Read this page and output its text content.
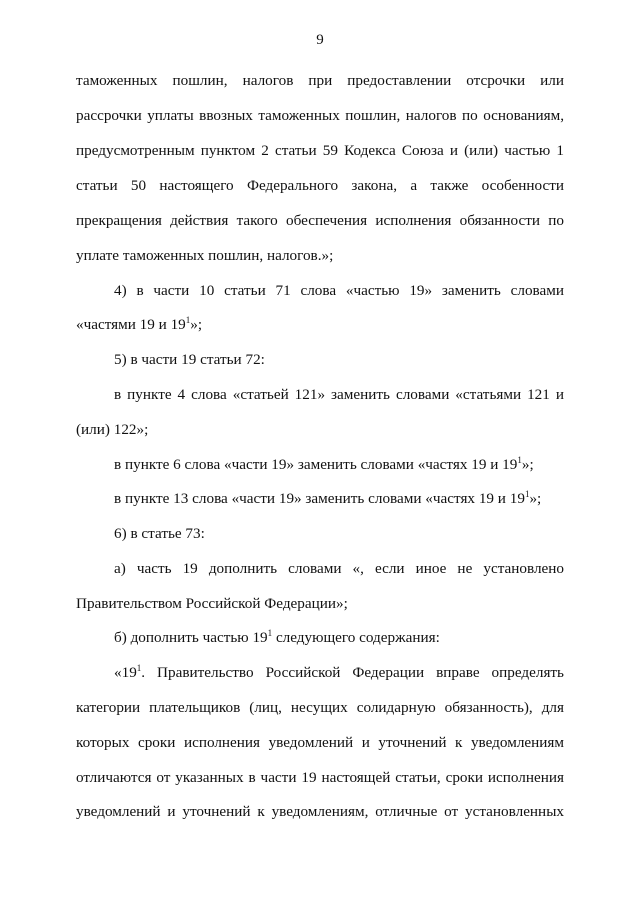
9
таможенных пошлин, налогов при предоставлении отсрочки или
рассрочки уплаты ввозных таможенных пошлин, налогов по основаниям,
предусмотренным пунктом 2 статьи 59 Кодекса Союза и (или) частью 1
статьи 50 настоящего Федерального закона, а также особенности
прекращения действия такого обеспечения исполнения обязанности по
уплате таможенных пошлин, налогов.»;
4) в части 10 статьи 71 слова «частью 19» заменить словами
«частями 19 и $19^1$»;
5) в части 19 статьи 72:
в пункте 4 слова «статьей 121» заменить словами «статьями 121 и
(или) 122»;
в пункте 6 слова «части 19» заменить словами «частях 19 и $19^1$»;
в пункте 13 слова «части 19» заменить словами «частях 19 и $19^1$»;
6) в статье 73:
а) часть 19 дополнить словами «, если иное не установлено
Правительством Российской Федерации»;
б) дополнить частью $19^1$ следующего содержания:
«$19^1$. Правительство Российской Федерации вправе определять
категории плательщиков (лиц, несущих солидарную обязанность), для
которых сроки исполнения уведомлений и уточнений к уведомлениям
отличаются от указанных в части 19 настоящей статьи, сроки исполнения
уведомлений и уточнений к уведомлениям, отличные от установленных
